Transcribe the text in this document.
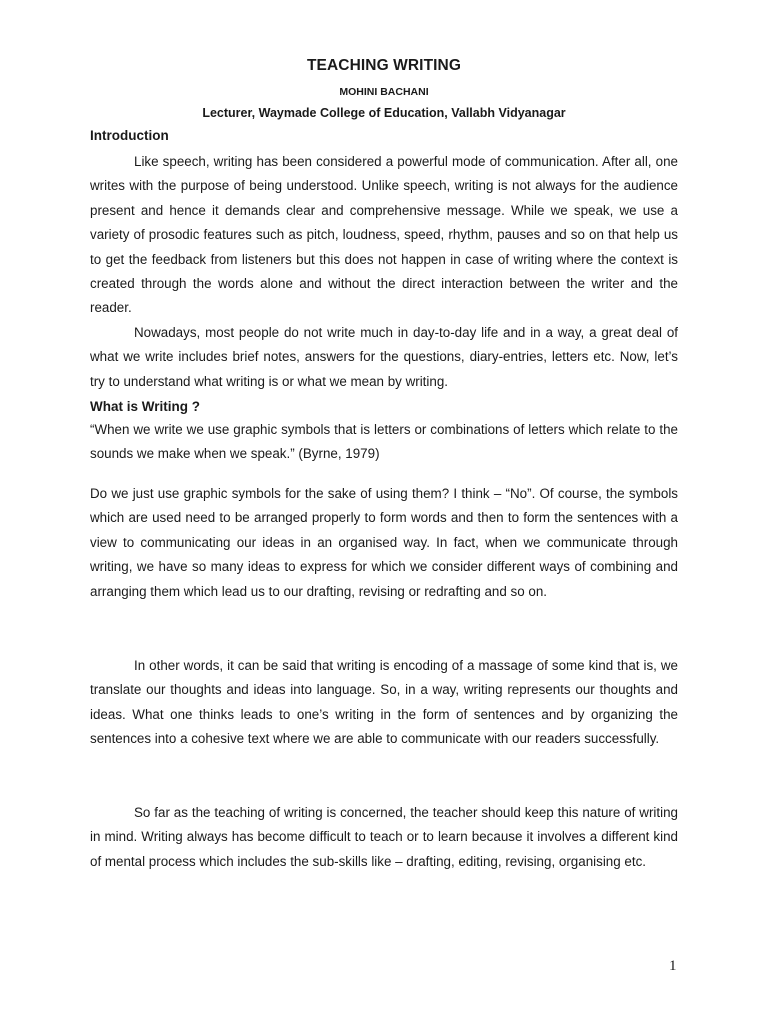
TEACHING WRITING
MOHINI BACHANI
Lecturer, Waymade College of Education, Vallabh Vidyanagar
Introduction

Like speech, writing has been considered a powerful mode of communication. After all, one writes with the purpose of being understood. Unlike speech, writing is not always for the audience present and hence it demands clear and comprehensive message. While we speak, we use a variety of prosodic features such as pitch, loudness, speed, rhythm, pauses and so on that help us to get the feedback from listeners but this does not happen in case of writing where the context is created through the words alone and without the direct interaction between the writer and the reader.

Nowadays, most people do not write much in day-to-day life and in a way, a great deal of what we write includes brief notes, answers for the questions, diary-entries, letters etc. Now, let’s try to understand what writing is or what we mean by writing.

What is Writing ?

“When we write we use graphic symbols that is letters or combinations of letters which relate to the sounds we make when we speak.” (Byrne, 1979)

Do we just use graphic symbols for the sake of using them? I think – “No”. Of course, the symbols which are used need to be arranged properly to form words and then to form the sentences with a view to communicating our ideas in an organised way. In fact, when we communicate through writing, we have so many ideas to express for which we consider different ways of combining and arranging them which lead us to our drafting, revising or redrafting and so on.

In other words, it can be said that writing is encoding of a massage of some kind that is, we translate our thoughts and ideas into language. So, in a way, writing represents our thoughts and ideas. What one thinks leads to one’s writing in the form of sentences and by organizing the sentences into a cohesive text where we are able to communicate with our readers successfully.

So far as the teaching of writing is concerned, the teacher should keep this nature of writing in mind. Writing always has become difficult to teach or to learn because it involves a different kind of mental process which includes the sub-skills like – drafting, editing, revising, organising etc.

1
